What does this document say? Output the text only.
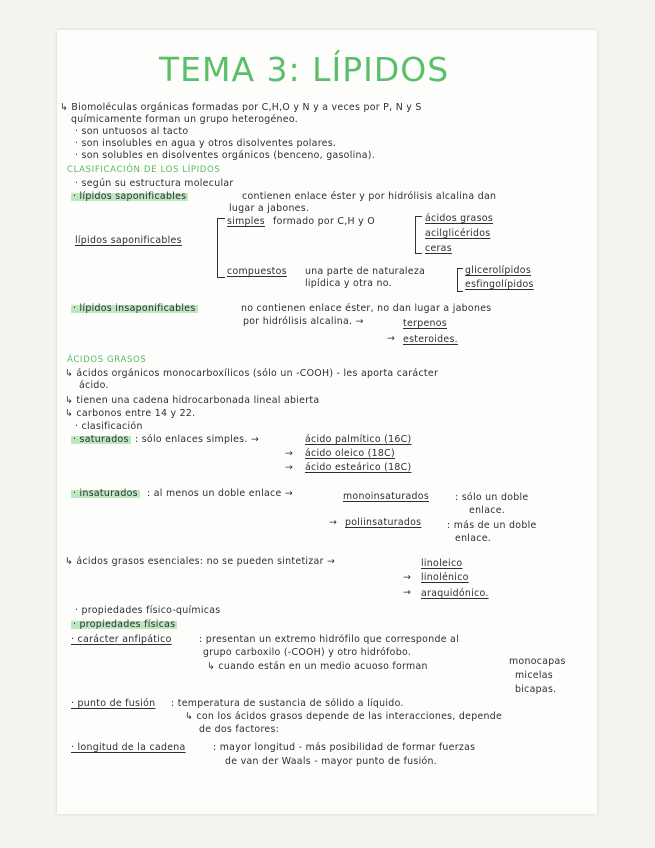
TEMA 3: LÍPIDOS
↳ Biomoléculas orgánicas formadas por C,H,O y N y a veces por P, N y S
químicamente forman un grupo heterogéneo.
· son untuosos al tacto
· son insolubles en agua y otros disolventes polares.
· son solubles en disolventes orgánicos (benceno, gasolina).
CLASIFICACIÓN DE LOS LÍPIDOS
· según su estructura molecular
· lípidos saponificables	contienen enlace éster y por hidrólisis alcalina dan
lugar a jabones.
simples formado por C,H y O	ácidos grasos
lípidos saponificables
acilglicéridos
ceras
compuestos una parte de naturaleza	glicerolípidos
lipídica y otra no.	esfingolípidos
· lípidos insaponificables	no contienen enlace éster, no dan lugar a jabones
por hidrólisis alcalina. →	terpenos
→ esteroides.
ÁCIDOS GRASOS
↳ ácidos orgánicos monocarboxílicos (sólo un -COOH) - les aporta carácter
ácido.
↳ tienen una cadena hidrocarbonada lineal abierta
↳ carbonos entre 14 y 22.
· clasificación
· saturados : sólo enlaces simples. →	ácido palmítico (16C)
→ ácido oleico (18C)
→ ácido esteárico (18C)
· insaturados : al menos un doble enlace →	monoinsaturados	: sólo un doble
enlace.
→ poliinsaturados	: más de un doble
enlace.
↳ ácidos grasos esenciales: no se pueden sintetizar →	linoleico
→ linolénico
→ araquidónico.
· propiedades físico-químicas
· propiedades físicas
· carácter anfipático	: presentan un extremo hidrófilo que corresponde al
grupo carboxilo (-COOH) y otro hidrófobo.
↳ cuando están en un medio acuoso forman	monocapas
micelas
bicapas.
· punto de fusión : temperatura de sustancia de sólido a líquido.
↳ con los ácidos grasos depende de las interacciones, depende
de dos factores:
· longitud de la cadena	: mayor longitud - más posibilidad de formar fuerzas
de van der Waals - mayor punto de fusión.
